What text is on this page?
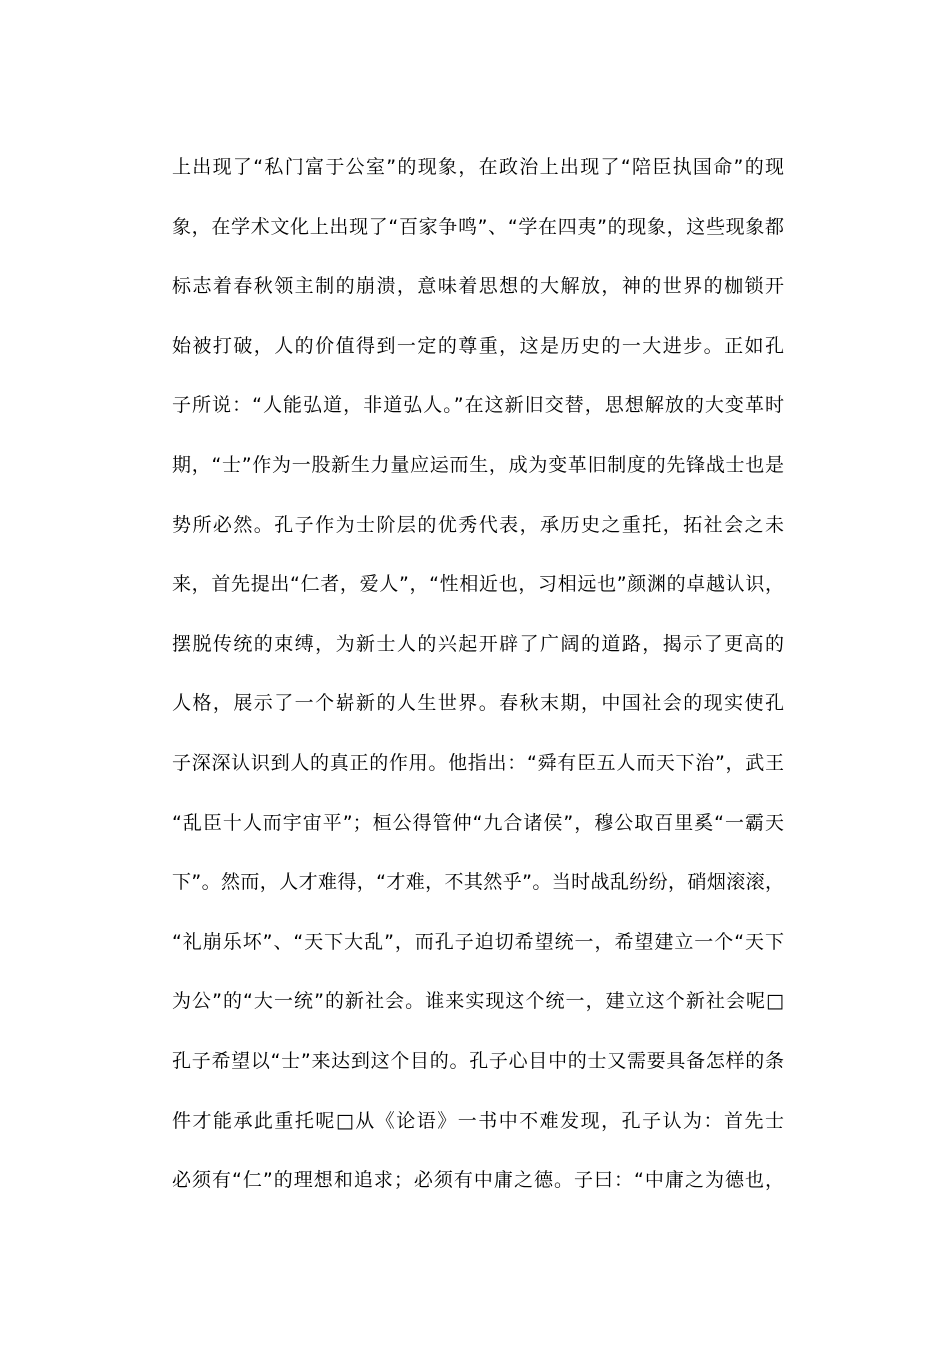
上出现了“私门富于公室”的现象，在政治上出现了“陪臣执国命”的现
象，在学术文化上出现了“百家争鸣”、“学在四夷”的现象，这些现象都
标志着春秋领主制的崩溃，意味着思想的大解放，神的世界的枷锁开
始被打破，人的价值得到一定的尊重，这是历史的一大进步。正如孔
子所说：“人能弘道，非道弘人。”在这新旧交替，思想解放的大变革时
期，“士”作为一股新生力量应运而生，成为变革旧制度的先锋战士也是
势所必然。孔子作为士阶层的优秀代表，承历史之重托，拓社会之未
来，首先提出“仁者，爱人”，“性相近也，习相远也”颜渊的卓越认识，
摆脱传统的束缚，为新士人的兴起开辟了广阔的道路，揭示了更高的
人格，展示了一个崭新的人生世界。春秋末期，中国社会的现实使孔
子深深认识到人的真正的作用。他指出：“舜有臣五人而天下治”，武王
“乱臣十人而宇宙平”；桓公得管仲“九合诸侯”，穆公取百里奚“一霸天
下”。然而，人才难得，“才难，不其然乎”。当时战乱纷纷，硝烟滚滚，
“礼崩乐坏”、“天下大乱”，而孔子迫切希望统一，希望建立一个“天下
为公”的“大一统”的新社会。谁来实现这个统一，建立这个新社会呢□
孔子希望以“士”来达到这个目的。孔子心目中的士又需要具备怎样的条
件才能承此重托呢□从《论语》一书中不难发现，孔子认为：首先士
必须有“仁”的理想和追求；必须有中庸之德。子曰：“中庸之为德也，
